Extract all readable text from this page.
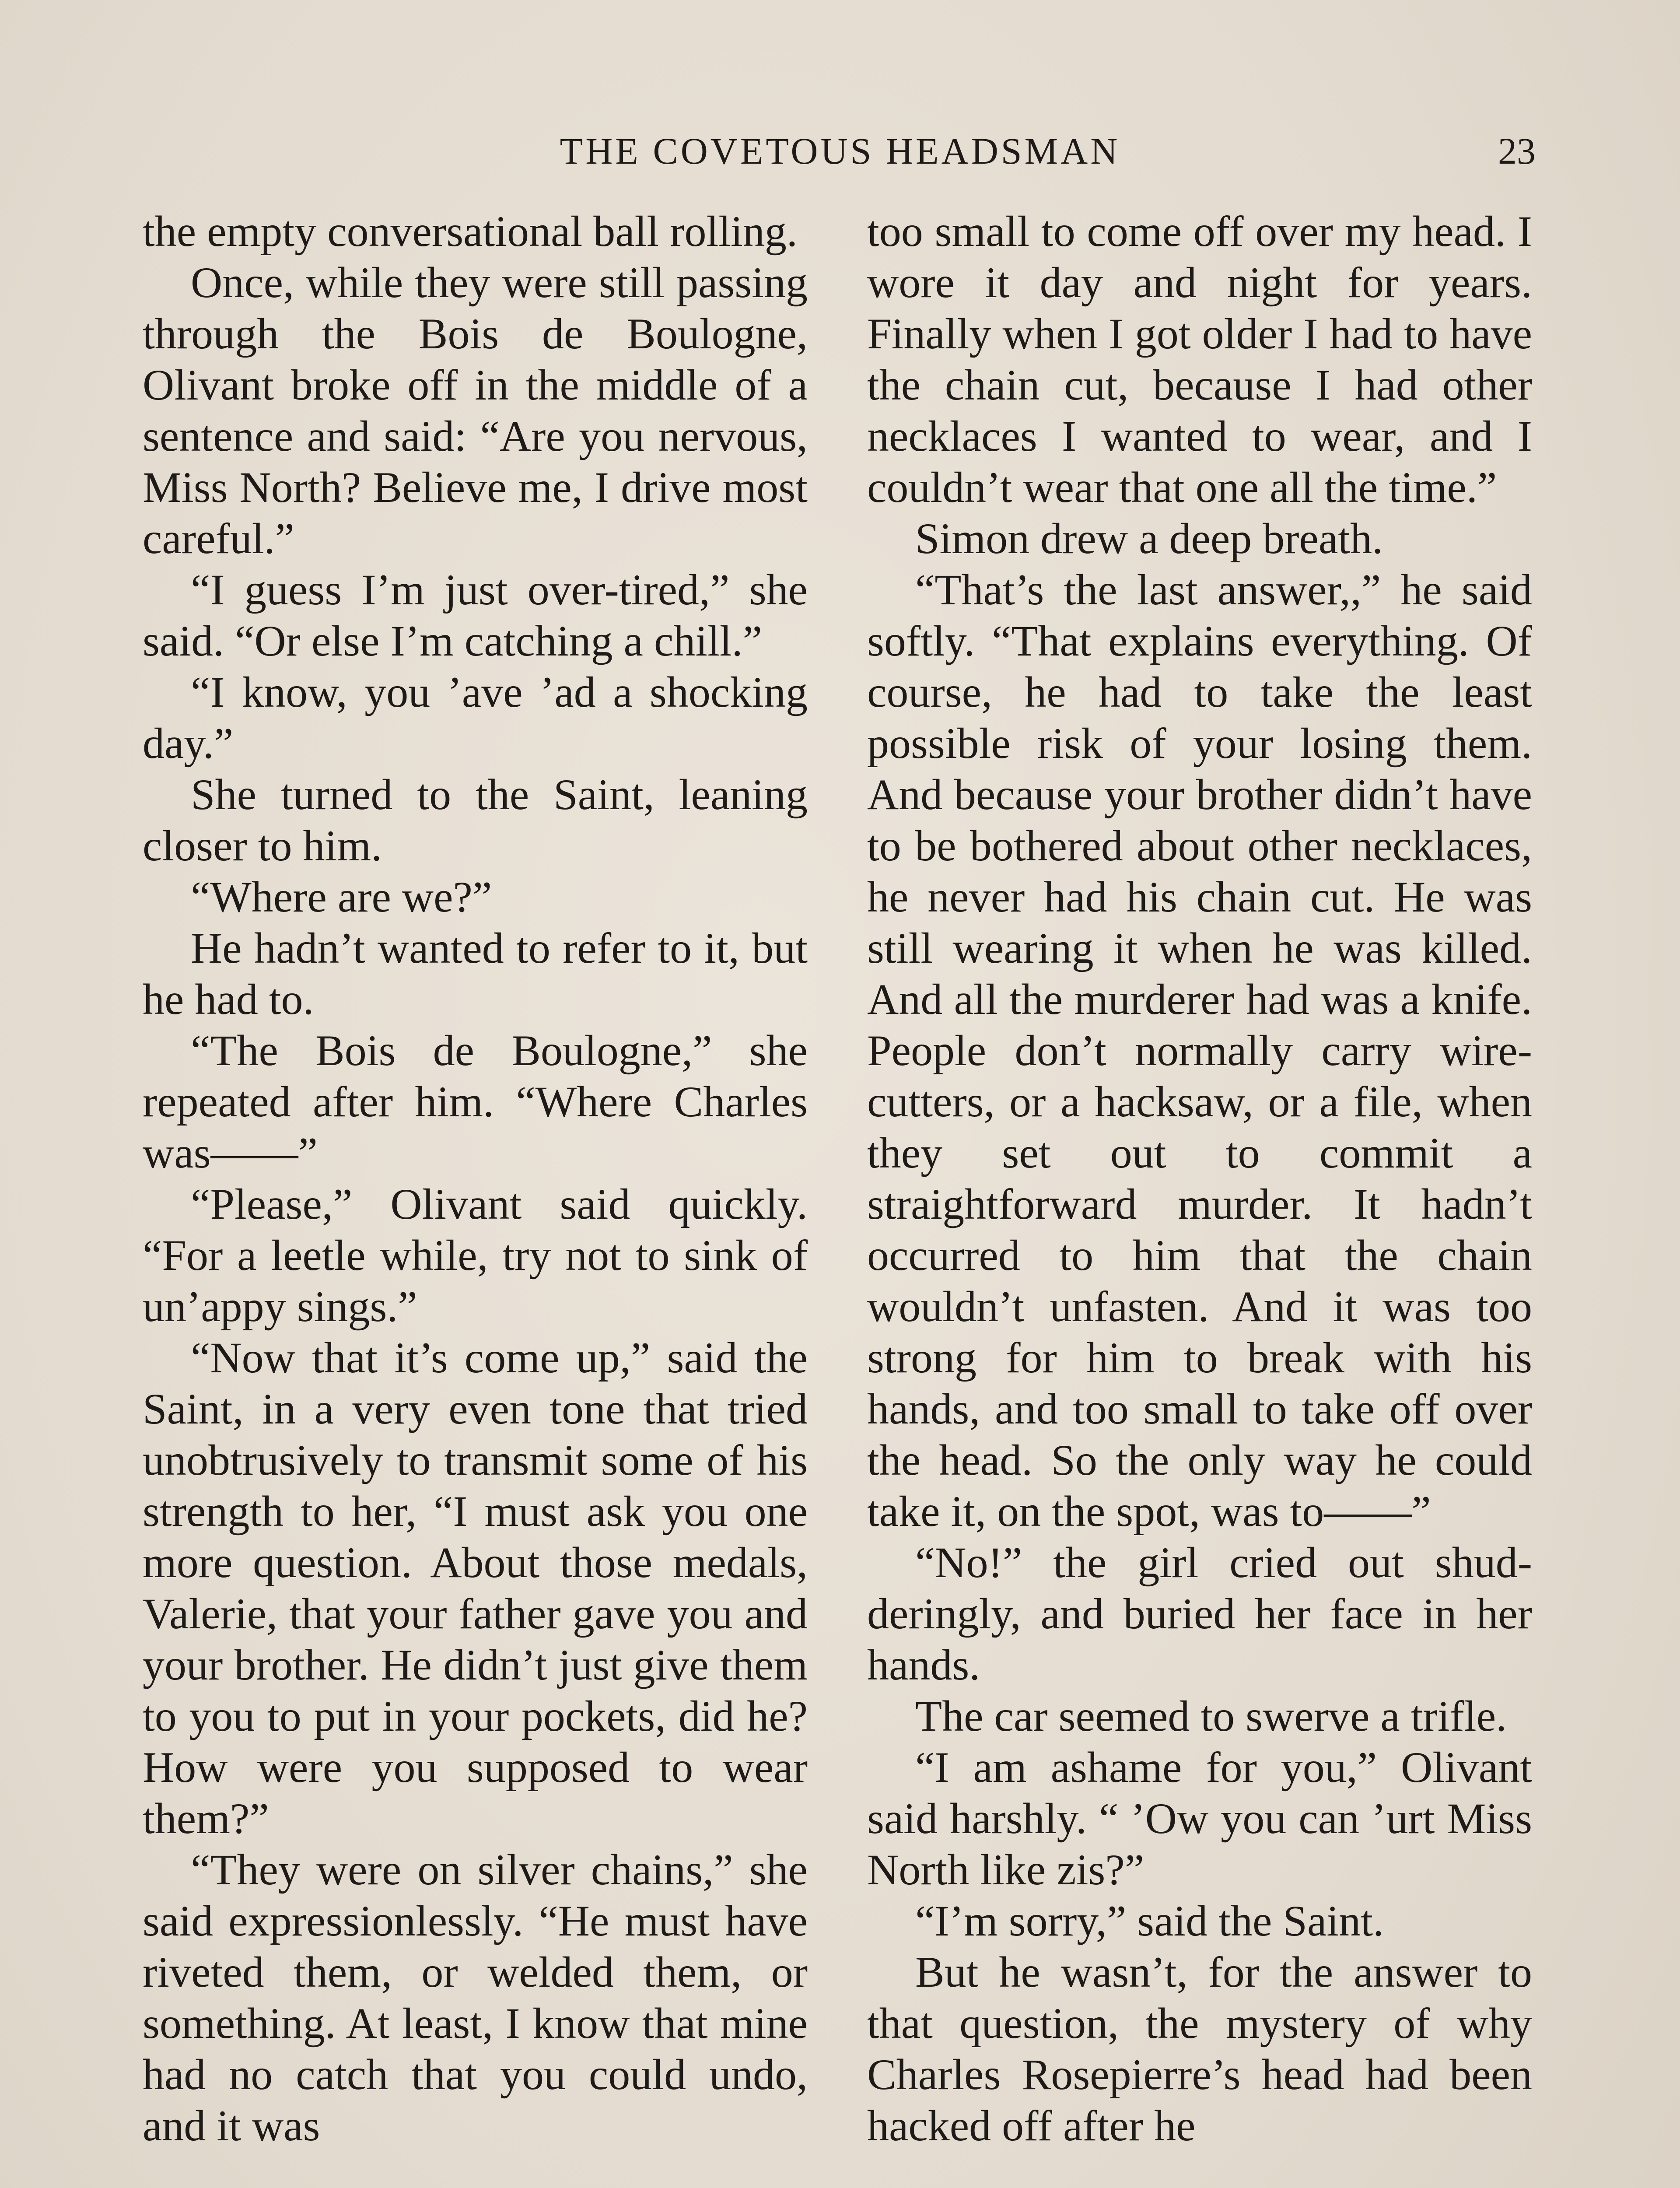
THE COVETOUS HEADSMAN	23

the empty conversational ball rolling.

Once, while they were still passing through the Bois de Boulogne, Olivant broke off in the middle of a sentence and said: “Are you nervous, Miss North? Believe me, I drive most careful.”

“I guess I’m just over-tired,” she said. “Or else I’m catching a chill.”

“I know, you ’ave ’ad a shocking day.”

She turned to the Saint, leaning closer to him.

“Where are we?”

He hadn’t wanted to refer to it, but he had to.

“The Bois de Boulogne,” she repeated after him. “Where Charles was——”

“Please,” Olivant said quickly. “For a leetle while, try not to sink of un’appy sings.”

“Now that it’s come up,” said the Saint, in a very even tone that tried unobtrusively to transmit some of his strength to her, “I must ask you one more question. About those medals, Valerie, that your father gave you and your brother. He didn’t just give them to you to put in your pockets, did he? How were you supposed to wear them?”

“They were on silver chains,” she said expressionlessly. “He must have riveted them, or welded them, or something. At least, I know that mine had no catch that you could undo, and it was

too small to come off over my head. I wore it day and night for years. Finally when I got older I had to have the chain cut, because I had other necklaces I wanted to wear, and I couldn’t wear that one all the time.”

Simon drew a deep breath.

“That’s the last answer,,” he said softly. “That explains everything. Of course, he had to take the least possible risk of your losing them. And because your brother didn’t have to be bothered about other necklaces, he never had his chain cut. He was still wearing it when he was killed. And all the murderer had was a knife. People don’t normally carry wire-cutters, or a hacksaw, or a file, when they set out to commit a straightforward murder. It hadn’t occurred to him that the chain wouldn’t unfasten. And it was too strong for him to break with his hands, and too small to take off over the head. So the only way he could take it, on the spot, was to——”

“No!” the girl cried out shudderingly, and buried her face in her hands.

The car seemed to swerve a trifle.

“I am ashame for you,” Olivant said harshly. “ ’Ow you can ’urt Miss North like zis?”

“I’m sorry,” said the Saint.

But he wasn’t, for the answer to that question, the mystery of why Charles Rosepierre’s head had been hacked off after he
